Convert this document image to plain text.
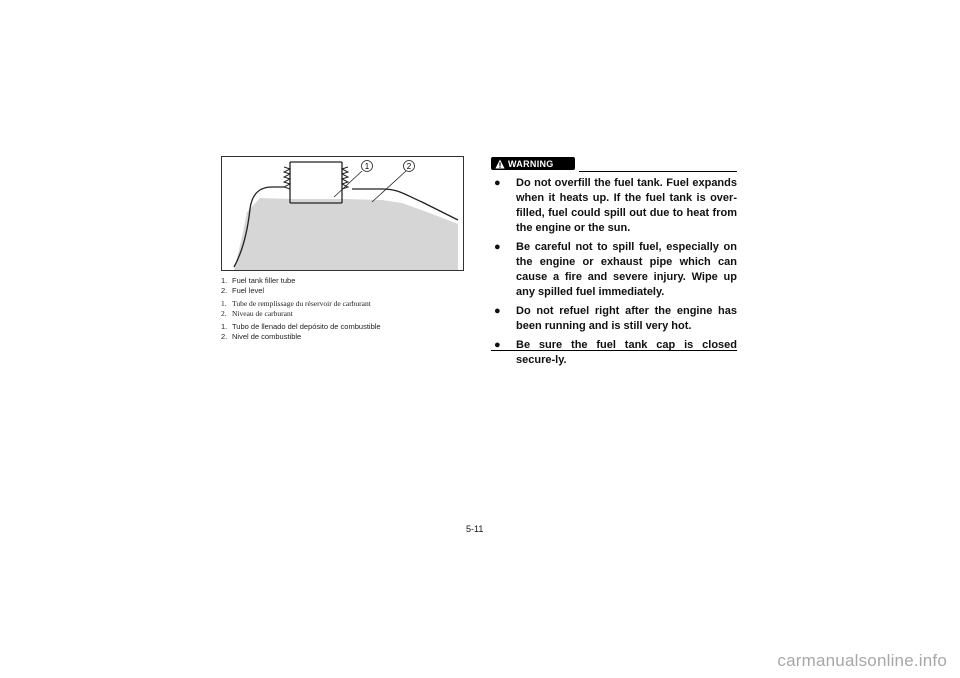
1	2
1. Fuel tank filler tube
2. Fuel level
1. Tube de remplissage du réservoir de carburant
2. Niveau de carburant
1. Tubo de llenado del depósito de combustible
2. Nivel de combustible
WARNING
●	Do not overfill the fuel tank. Fuel expands when it heats up. If the fuel tank is over-filled, fuel could spill out due to heat from the engine or the sun.
●	Be careful not to spill fuel, especially on the engine or exhaust pipe which can cause a fire and severe injury. Wipe up any spilled fuel immediately.
●	Do not refuel right after the engine has been running and is still very hot.
●	Be sure the fuel tank cap is closed secure-ly.
5-11
carmanualsonline.info
